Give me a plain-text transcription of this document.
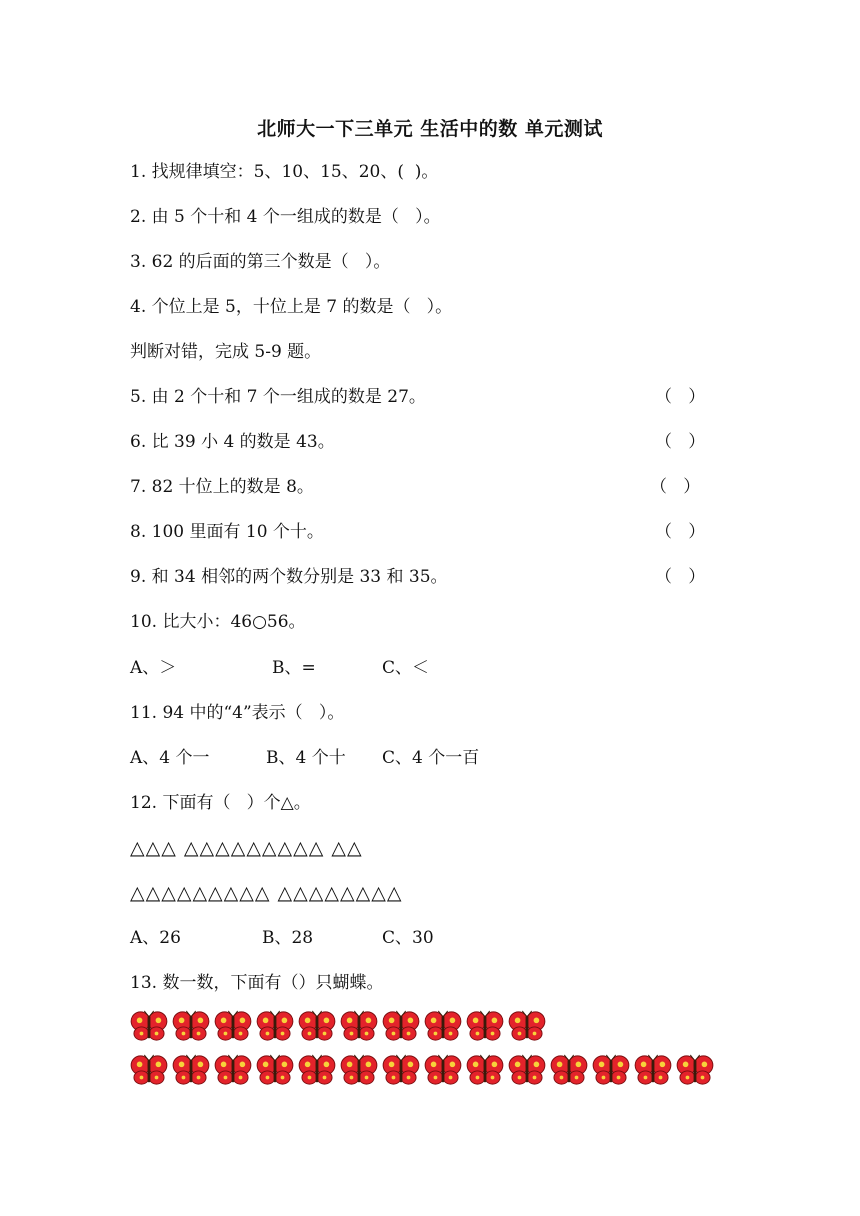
北师大一下三单元 生活中的数 单元测试
1. 找规律填空：5、10、15、20、(  )。
2. 由 5 个十和 4 个一组成的数是（   ）。
3. 62 的后面的第三个数是（   ）。
4. 个位上是 5，十位上是 7 的数是（   ）。
判断对错，完成 5-9 题。
5. 由 2 个十和 7 个一组成的数是 27。	（   ）
6. 比 39 小 4 的数是 43。	（   ）
7. 82 十位上的数是 8。	（   ）
8. 100 里面有 10 个十。	（   ）
9. 和 34 相邻的两个数分别是 33 和 35。	（   ）
10. 比大小：46○56。
A、＞	B、=	C、＜
11. 94 中的“4”表示（   ）。
A、4 个一	B、4 个十 C、4 个一百
12. 下面有（   ）个△。
△△△ △△△△△△△△△ △△
△△△△△△△△△ △△△△△△△△
A、26	B、28	C、30
13. 数一数，下面有（）只蝴蝶。
